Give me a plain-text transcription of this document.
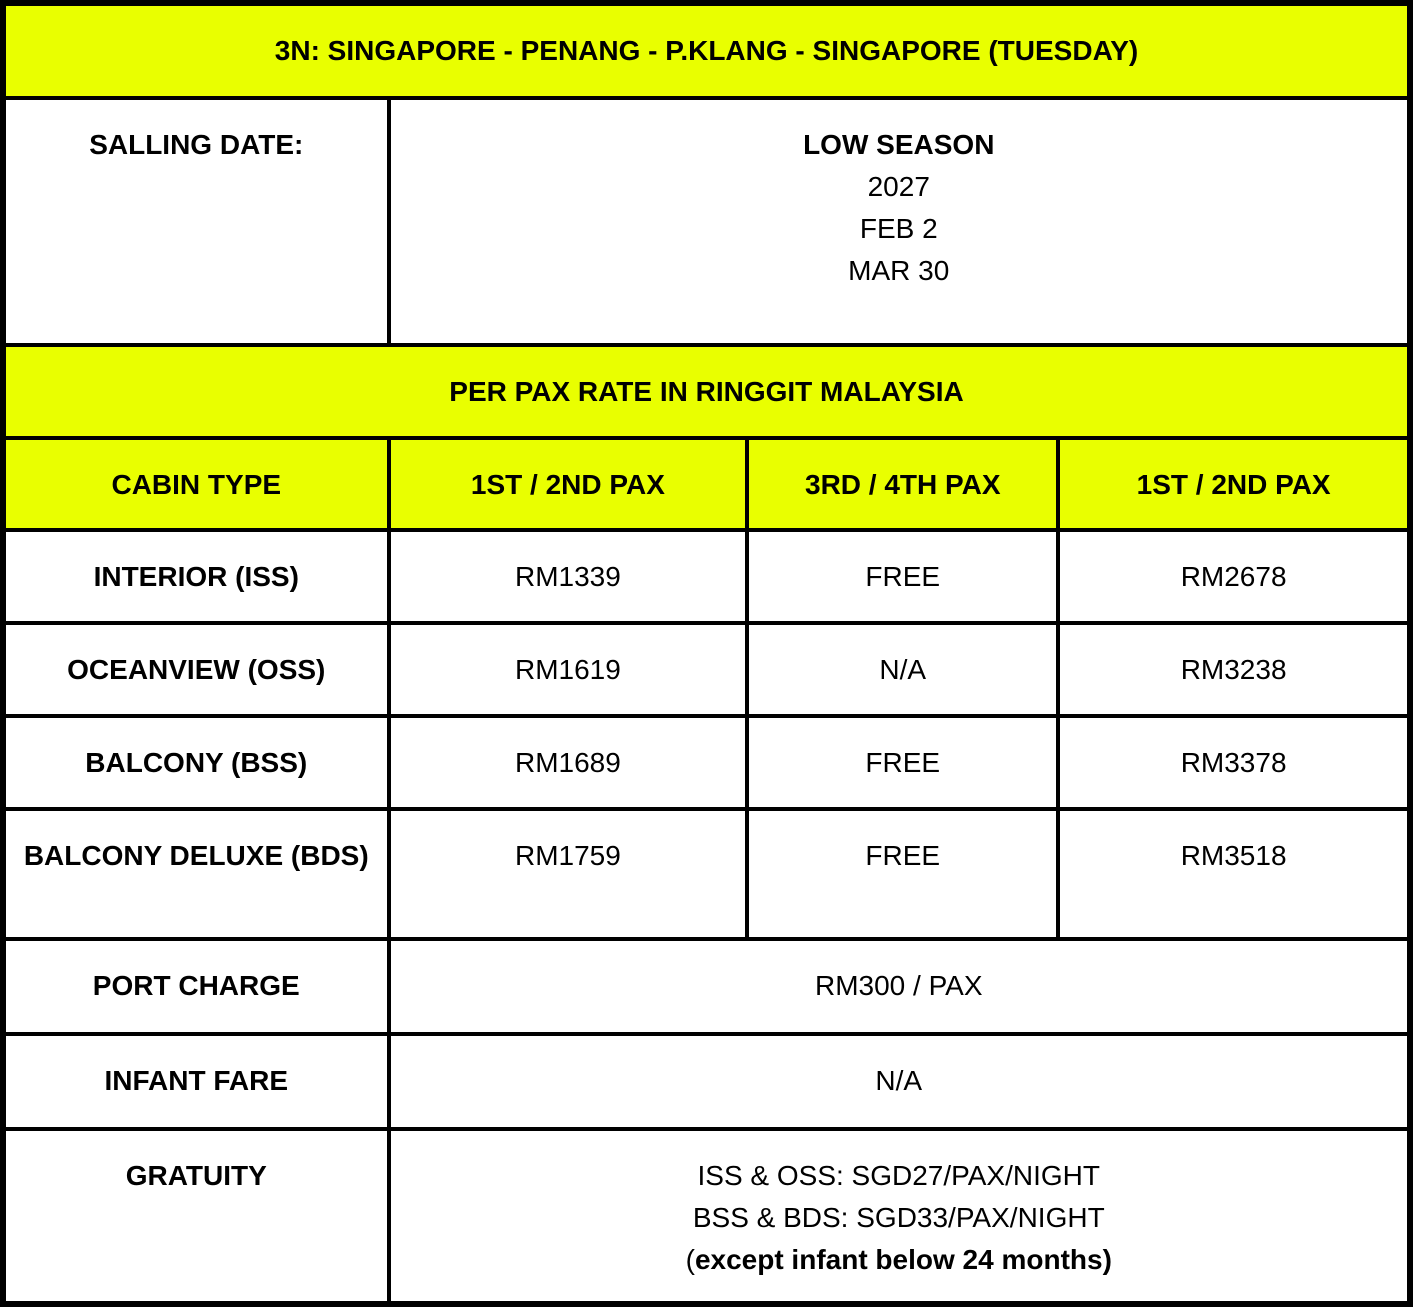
3N: SINGAPORE - PENANG - P.KLANG - SINGAPORE (TUESDAY)			
SALLING DATE:	LOW SEASON
2027
FEB 2
MAR 30		

PER PAX RATE IN RINGGIT MALAYSIA			
CABIN TYPE	1ST / 2ND PAX	3RD / 4TH PAX	1ST / 2ND PAX
INTERIOR (ISS)	RM1339	FREE	RM2678
OCEANVIEW (OSS)	RM1619	N/A	RM3238
BALCONY (BSS)	RM1689	FREE	RM3378
BALCONY DELUXE (BDS)	RM1759	FREE	RM3518
PORT CHARGE	RM300 / PAX		
INFANT FARE	N/A		
GRATUITY	ISS & OSS: SGD27/PAX/NIGHT
BSS & BDS: SGD33/PAX/NIGHT
(except infant below 24 months)		
